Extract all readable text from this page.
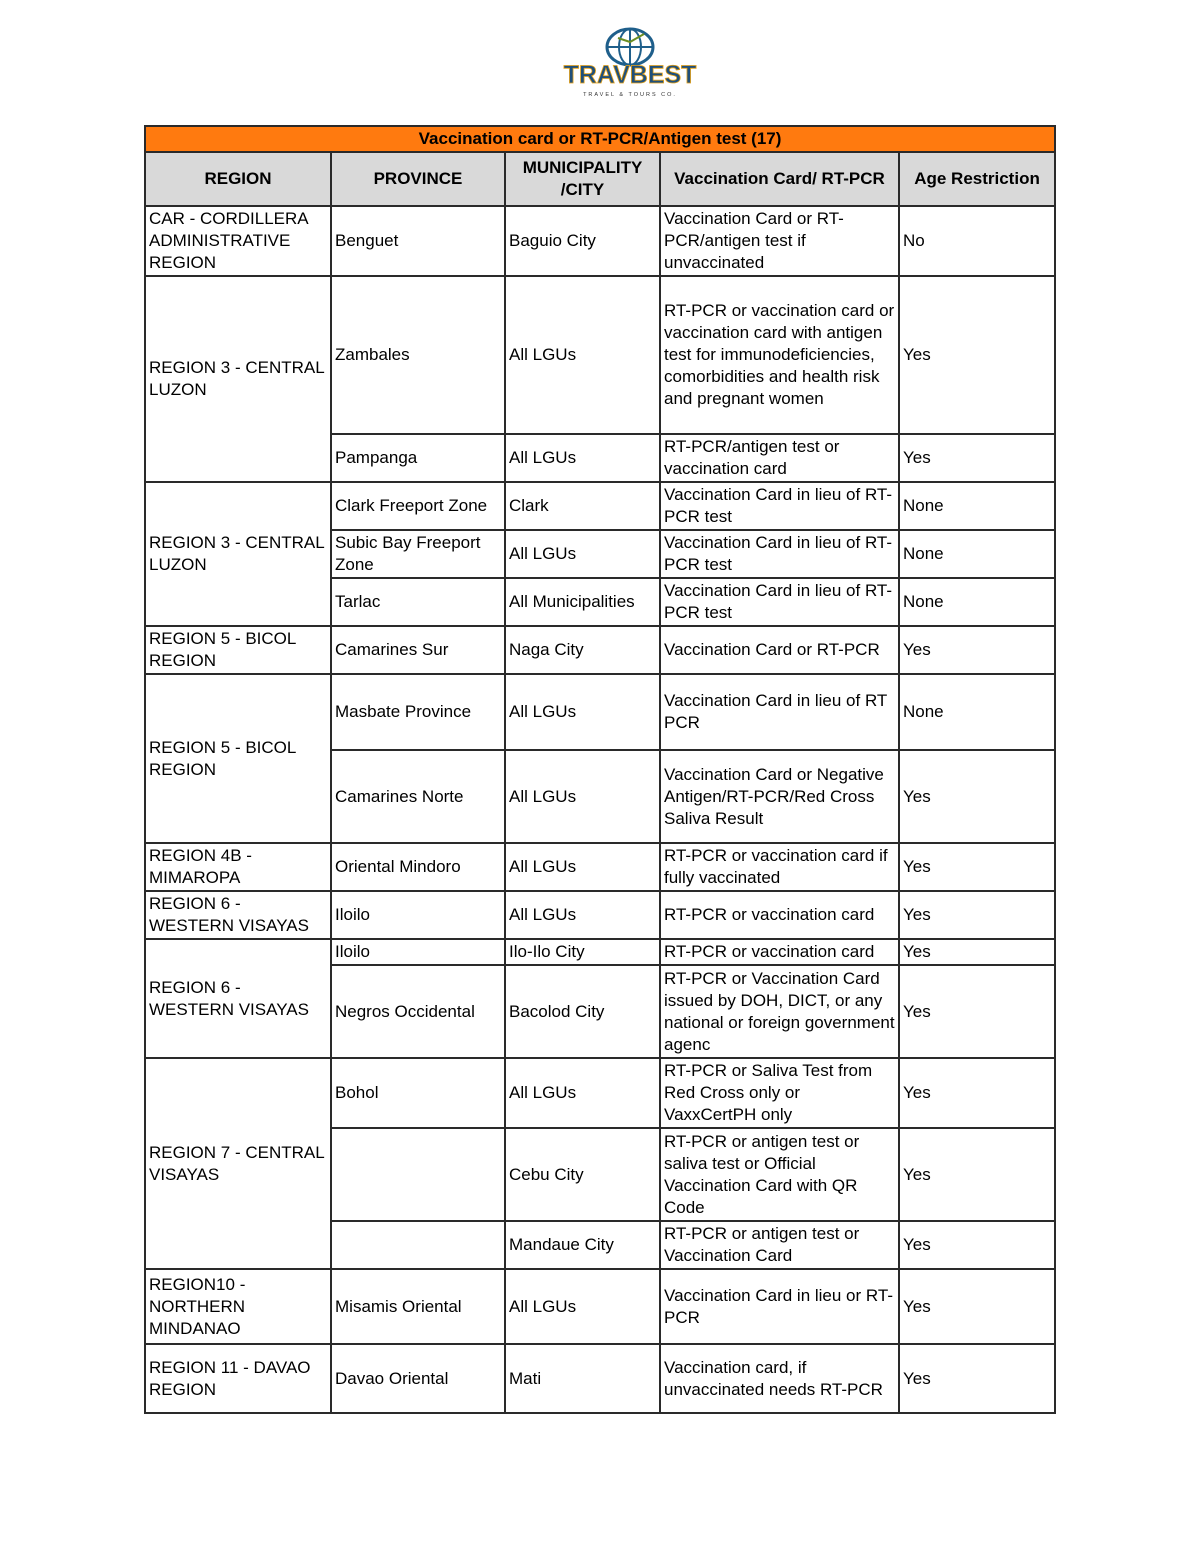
TRAVBEST
TRAVEL & TOURS CO.
Vaccination card or RT-PCR/Antigen test (17)				
REGION	PROVINCE	MUNICIPALITY /CITY	Vaccination Card/ RT-PCR	Age Restriction
CAR - CORDILLERA ADMINISTRATIVE REGION	Benguet	Baguio City	Vaccination Card or RT-PCR/antigen test if unvaccinated	No
REGION 3 - CENTRAL LUZON	Zambales	All LGUs	RT-PCR or vaccination card or vaccination card with antigen test for immunodeficiencies, comorbidities and health risk and pregnant women	Yes
	Pampanga	All LGUs	RT-PCR/antigen test or vaccination card	Yes
REGION 3 - CENTRAL LUZON	Clark Freeport Zone	Clark	Vaccination Card in lieu of RT-PCR test	None
	Subic Bay Freeport Zone	All LGUs	Vaccination Card in lieu of RT-PCR test	None
	Tarlac	All Municipalities	Vaccination Card in lieu of RT-PCR test	None
REGION 5 - BICOL REGION	Camarines Sur	Naga City	Vaccination Card or RT-PCR	Yes
REGION 5 - BICOL REGION	Masbate Province	All LGUs	Vaccination Card in lieu of RT PCR	None
	Camarines Norte	All LGUs	Vaccination Card or Negative Antigen/RT-PCR/Red Cross Saliva Result	Yes
REGION 4B - MIMAROPA	Oriental Mindoro	All LGUs	RT-PCR or vaccination card if fully vaccinated	Yes
REGION 6 - WESTERN VISAYAS	Iloilo	All LGUs	RT-PCR or vaccination card	Yes
REGION 6 - WESTERN VISAYAS	Iloilo	Ilo-Ilo City	RT-PCR or vaccination card	Yes
	Negros Occidental	Bacolod City	RT-PCR or Vaccination Card issued by DOH, DICT, or any national or foreign government agenc	Yes
REGION 7 - CENTRAL VISAYAS	Bohol	All LGUs	RT-PCR or Saliva Test from Red Cross only or VaxxCertPH only	Yes
		Cebu City	RT-PCR or antigen test or saliva test or Official Vaccination Card with QR Code	Yes
		Mandaue City	RT-PCR or antigen test or Vaccination Card	Yes
REGION10 - NORTHERN MINDANAO	Misamis Oriental	All LGUs	Vaccination Card in lieu or RT-PCR	Yes
REGION 11 - DAVAO REGION	Davao Oriental	Mati	Vaccination card, if unvaccinated needs RT-PCR	Yes
